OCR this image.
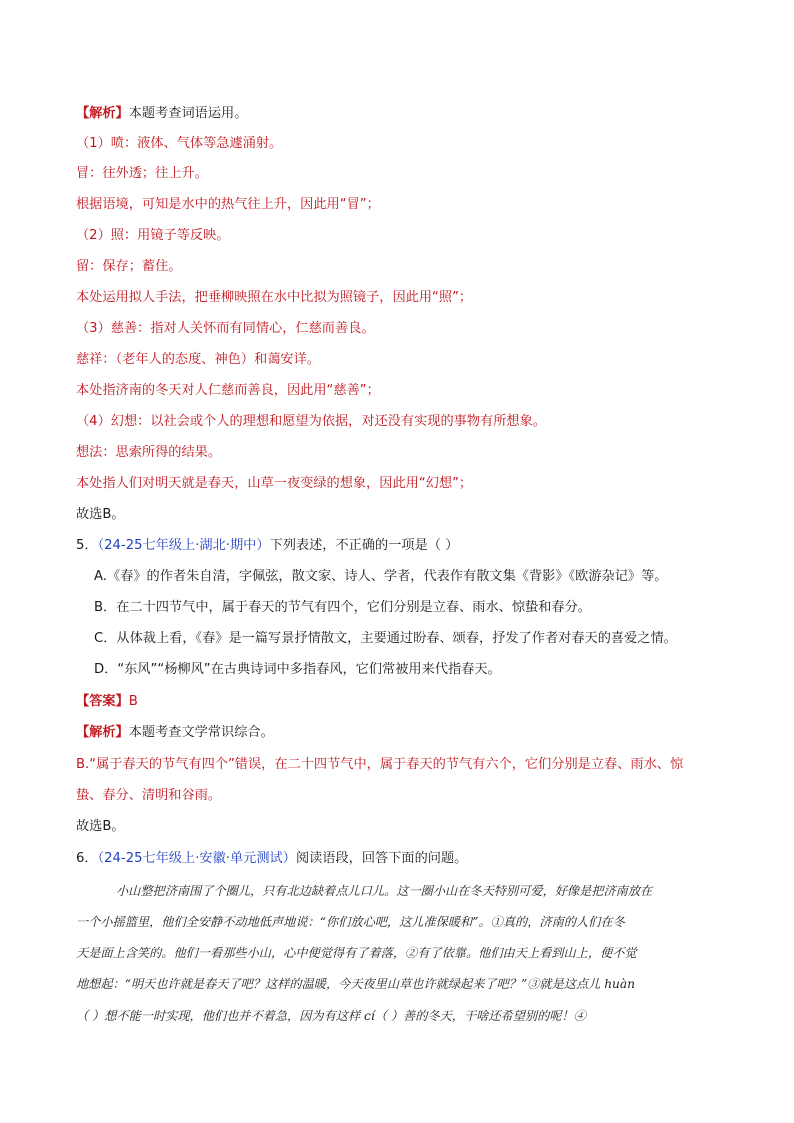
【解析】本题考查词语运用。
（1）喷：液体、气体等急遽涌射。
冒：往外透；往上升。
根据语境，可知是水中的热气往上升，因此用“冒”；
（2）照：用镜子等反映。
留：保存；蓄住。
本处运用拟人手法，把垂柳映照在水中比拟为照镜子，因此用“照”；
（3）慈善：指对人关怀而有同情心，仁慈而善良。
慈祥：（老年人的态度、神色）和蔼安详。
本处指济南的冬天对人仁慈而善良，因此用“慈善”；
（4）幻想：以社会或个人的理想和愿望为依据，对还没有实现的事物有所想象。
想法：思索所得的结果。
本处指人们对明天就是春天，山草一夜变绿的想象，因此用“幻想”；
故选B。
5．（24-25七年级上·湖北·期中）下列表述，不正确的一项是（ ）
A.《春》的作者朱自清，字佩弦，散文家、诗人、学者，代表作有散文集《背影》《欧游杂记》等。
B．在二十四节气中，属于春天的节气有四个，它们分别是立春、雨水、惊蛰和春分。
C．从体裁上看，《春》是一篇写景抒情散文，主要通过盼春、颂春，抒发了作者对春天的喜爱之情。
D．“东风”“杨柳风”在古典诗词中多指春风，它们常被用来代指春天。
【答案】B
【解析】本题考查文学常识综合。
B.“属于春天的节气有四个”错误，在二十四节气中，属于春天的节气有六个，它们分别是立春、雨水、惊
蛰、春分、清明和谷雨。
故选B。
6．（24-25七年级上·安徽·单元测试）阅读语段，回答下面的问题。
小山整把济南围了个圈儿，只有北边缺着点儿口儿。这一圈小山在冬天特别可爱，好像是把济南放在
一个小摇篮里，他们全安静不动地低声地说：“你们放心吧，这儿准保暖和”。①真的，济南的人们在冬
天是面上含笑的。他们一看那些小山，心中便觉得有了着落，②有了依靠。他们由天上看到山上，便不觉
地想起：“明天也许就是春天了吧？这样的温暖，今天夜里山草也许就绿起来了吧？”③就是这点儿 huàn
（ ）想不能一时实现，他们也并不着急，因为有这样 cí（ ）善的冬天，干啥还希望别的呢！④
